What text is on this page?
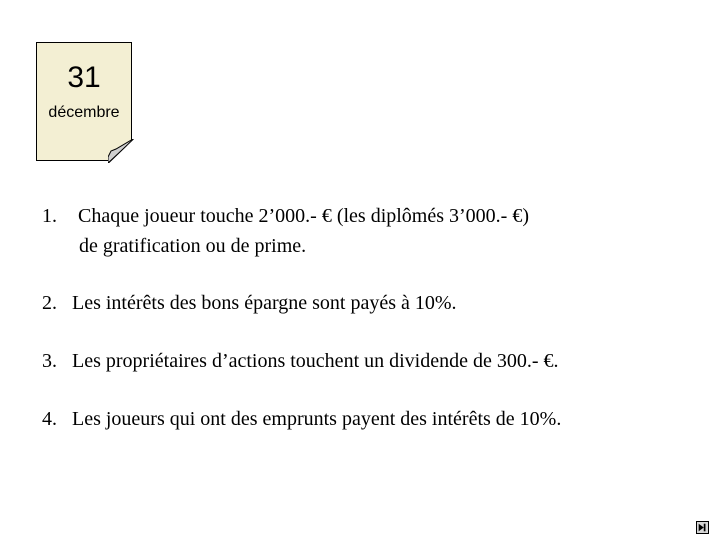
31
décembre
1. Chaque joueur touche 2’000.- € (les diplômés 3’000.- €)
de gratification ou de prime.
2. Les intérêts des bons épargne sont payés à 10%.
3. Les propriétaires d’actions touchent un dividende de 300.- €.
4. Les joueurs qui ont des emprunts payent des intérêts de 10%.
